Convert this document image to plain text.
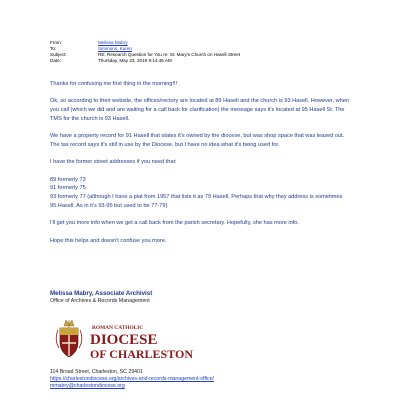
From:	Melissa Mabry
To:	Simmons, Karen
Subject:	RE: Research Question for You re: St. Mary's Church on Hasell Street
Date:	Thursday, May 23, 2019 9:14:46 AM

Thanks for confusing me first thing in the morning!!!

Ok, so according to their website, the offices/rectory are located at 89 Hasell and the church is 93 Hasell. However, when you call (which we did and are waiting for a call back for clarification) the message says it's located at 95 Hasell St. The TMS for the church is 93 Hasell.

We have a property record for 91 Hasell that states it's owned by the diocese, but was shop space that was leased out. The tax record says it's still in use by the Diocese, but I have no idea what it's being used for.

I have the former street addresses if you need that:

89 formerly 73

91 formerly 75

93 formerly 77 (although I have a plat from 1957 that lists it as 79 Hasell. Perhaps that why they address is sometimes 95 Hasell. As in it's 93-95 but used to be 77-79)

I'll get you more info when we get a call back from the parish secretary. Hopefully, she has more info.

Hope this helps and doesn't confuse you more.

Melissa Mabry, Associate Archivist
Office of Archives & Records Management
ROMAN CATHOLIC
DIOCESE
OF CHARLESTON
114 Broad Street, Charleston, SC 29401
https://charlestondiocese.org/archives-and-records-management-office/
mmabry@charlestondiocese.org
